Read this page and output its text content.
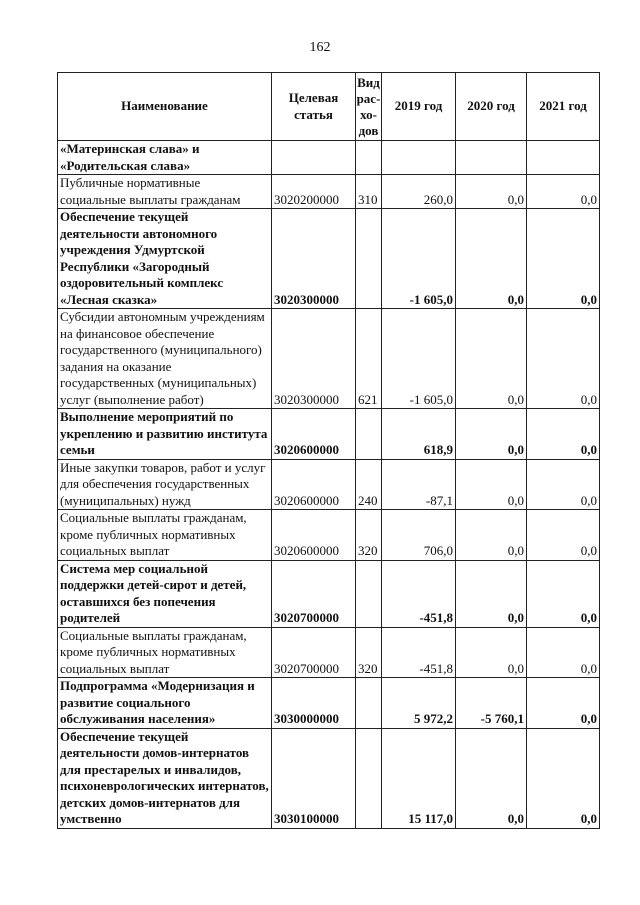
162
Наименование	Целевая статья	Вид рас-хо-дов	2019 год	2020 год	2021 год
«Материнская слава» и «Родительская слава»					
Публичные нормативные социальные выплаты гражданам	3020200000	310	260,0	0,0	0,0
Обеспечение текущей деятельности автономного учреждения Удмуртской Республики «Загородный оздоровительный комплекс «Лесная сказка»	3020300000		-1 605,0	0,0	0,0
Субсидии автономным учреждениям на финансовое обеспечение государственного (муниципального) задания на оказание государственных (муниципальных) услуг (выполнение работ)	3020300000	621	-1 605,0	0,0	0,0
Выполнение мероприятий по укреплению и развитию института семьи	3020600000		618,9	0,0	0,0
Иные закупки товаров, работ и услуг для обеспечения государственных (муниципальных) нужд	3020600000	240	-87,1	0,0	0,0
Социальные выплаты гражданам, кроме публичных нормативных социальных выплат	3020600000	320	706,0	0,0	0,0
Система мер социальной поддержки детей-сирот и детей, оставшихся без попечения родителей	3020700000		-451,8	0,0	0,0
Социальные выплаты гражданам, кроме публичных нормативных социальных выплат	3020700000	320	-451,8	0,0	0,0
Подпрограмма «Модернизация и развитие социального обслуживания населения»	3030000000		5 972,2	-5 760,1	0,0
Обеспечение текущей деятельности домов-интернатов для престарелых и инвалидов, психоневрологических интернатов, детских домов-интернатов для умственно	3030100000		15 117,0	0,0	0,0
